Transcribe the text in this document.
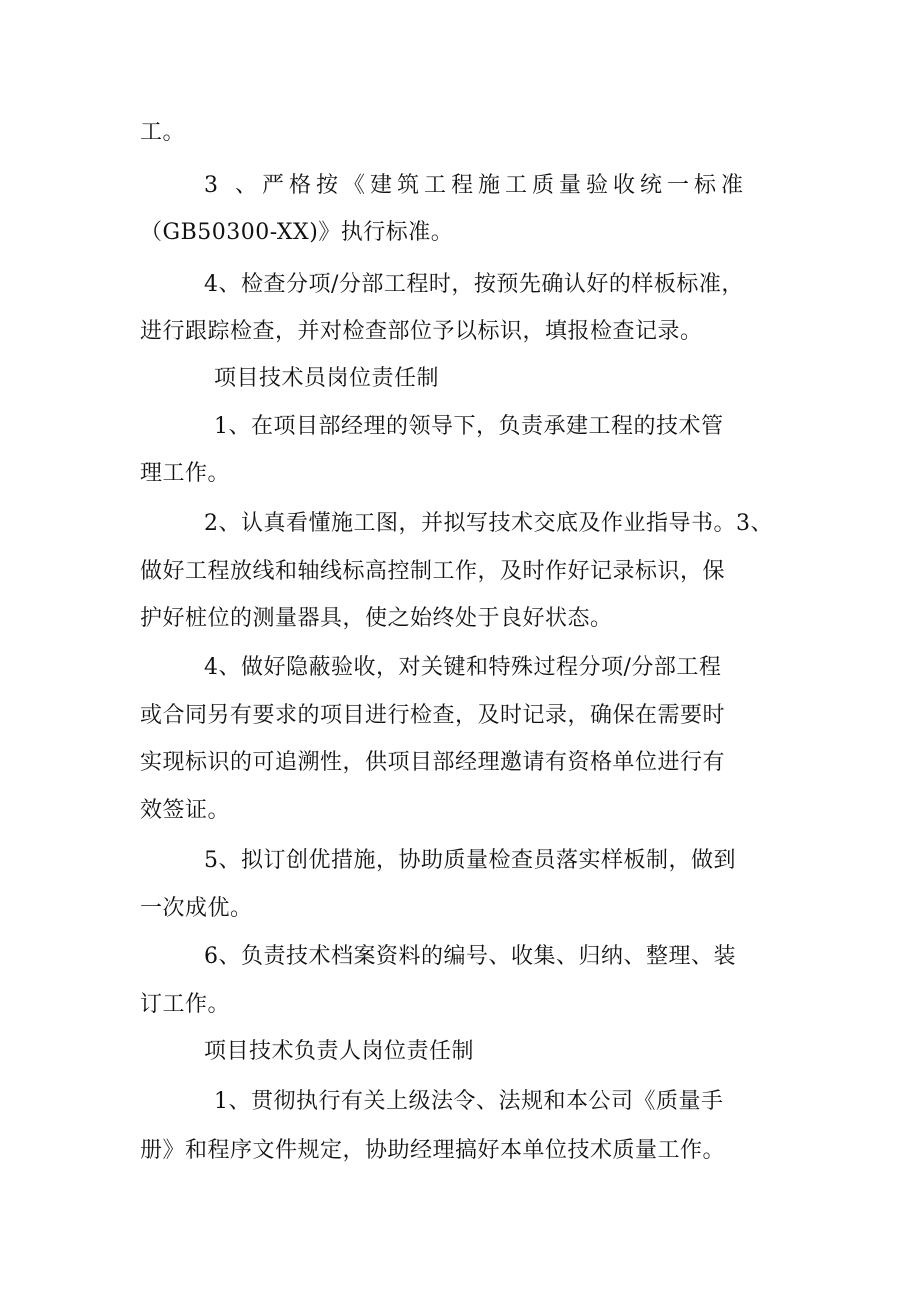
工。

3 、严格按《建筑工程施工质量验收统一标准

（GB50300-XX)》执行标准。

4、检查分项/分部工程时，按预先确认好的样板标准，

进行跟踪检查，并对检查部位予以标识，填报检查记录。

项目技术员岗位责任制

1、在项目部经理的领导下，负责承建工程的技术管

理工作。

2、认真看懂施工图，并拟写技术交底及作业指导书。3、

做好工程放线和轴线标高控制工作，及时作好记录标识，保

护好桩位的测量器具，使之始终处于良好状态。

4、做好隐蔽验收，对关键和特殊过程分项/分部工程

或合同另有要求的项目进行检查，及时记录，确保在需要时

实现标识的可追溯性，供项目部经理邀请有资格单位进行有

效签证。

5、拟订创优措施，协助质量检查员落实样板制，做到

一次成优。

6、负责技术档案资料的编号、收集、归纳、整理、装

订工作。

项目技术负责人岗位责任制

1、贯彻执行有关上级法令、法规和本公司《质量手

册》和程序文件规定，协助经理搞好本单位技术质量工作。
